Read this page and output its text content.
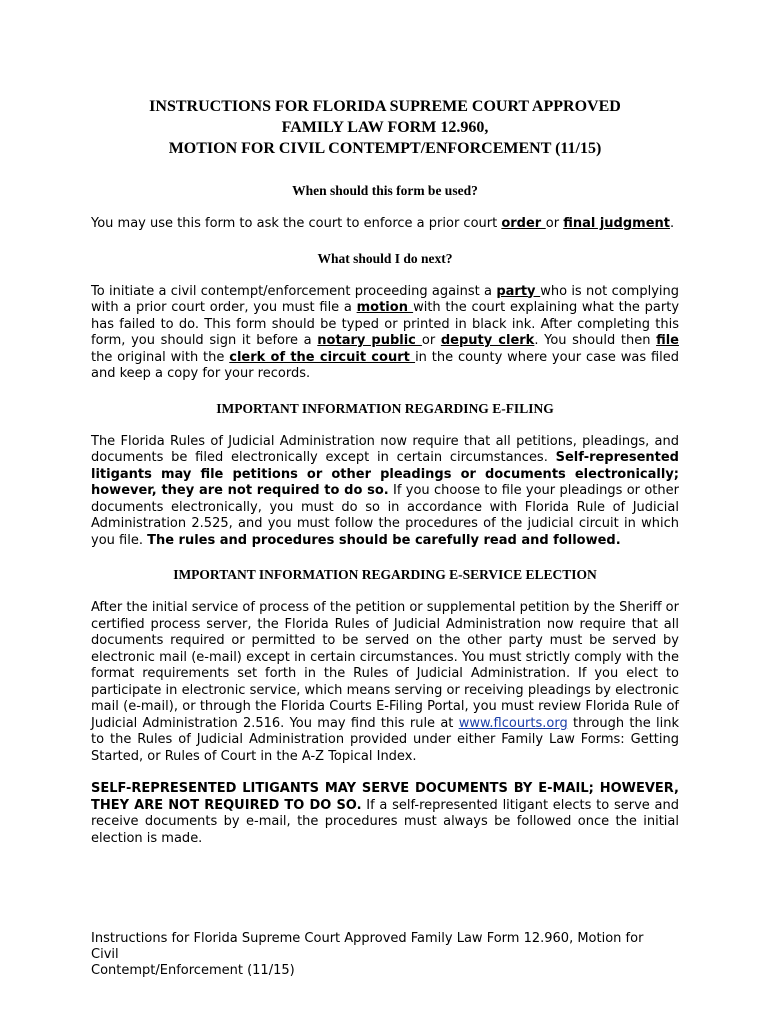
INSTRUCTIONS FOR FLORIDA SUPREME COURT APPROVED
FAMILY LAW FORM 12.960,
MOTION FOR CIVIL CONTEMPT/ENFORCEMENT (11/15)
When should this form be used?

You may use this form to ask the court to enforce a prior court order or final judgment.

What should I do next?

To initiate a civil contempt/enforcement proceeding against a party who is not complying with a prior court order, you must file a motion with the court explaining what the party has failed to do. This form should be typed or printed in black ink. After completing this form, you should sign it before a notary public or deputy clerk. You should then file the original with the clerk of the circuit court in the county where your case was filed and keep a copy for your records.

IMPORTANT INFORMATION REGARDING E-FILING

The Florida Rules of Judicial Administration now require that all petitions, pleadings, and documents be filed electronically except in certain circumstances. Self-represented litigants may file petitions or other pleadings or documents electronically; however, they are not required to do so. If you choose to file your pleadings or other documents electronically, you must do so in accordance with Florida Rule of Judicial Administration 2.525, and you must follow the procedures of the judicial circuit in which you file. The rules and procedures should be carefully read and followed.

IMPORTANT INFORMATION REGARDING E-SERVICE ELECTION

After the initial service of process of the petition or supplemental petition by the Sheriff or certified process server, the Florida Rules of Judicial Administration now require that all documents required or permitted to be served on the other party must be served by electronic mail (e-mail) except in certain circumstances. You must strictly comply with the format requirements set forth in the Rules of Judicial Administration. If you elect to participate in electronic service, which means serving or receiving pleadings by electronic mail (e-mail), or through the Florida Courts E-Filing Portal, you must review Florida Rule of Judicial Administration 2.516. You may find this rule at www.flcourts.org through the link to the Rules of Judicial Administration provided under either Family Law Forms: Getting Started, or Rules of Court in the A-Z Topical Index.

SELF-REPRESENTED LITIGANTS MAY SERVE DOCUMENTS BY E-MAIL; HOWEVER, THEY ARE NOT REQUIRED TO DO SO. If a self-represented litigant elects to serve and receive documents by e-mail, the procedures must always be followed once the initial election is made.

Instructions for Florida Supreme Court Approved Family Law Form 12.960, Motion for Civil
Contempt/Enforcement (11/15)
